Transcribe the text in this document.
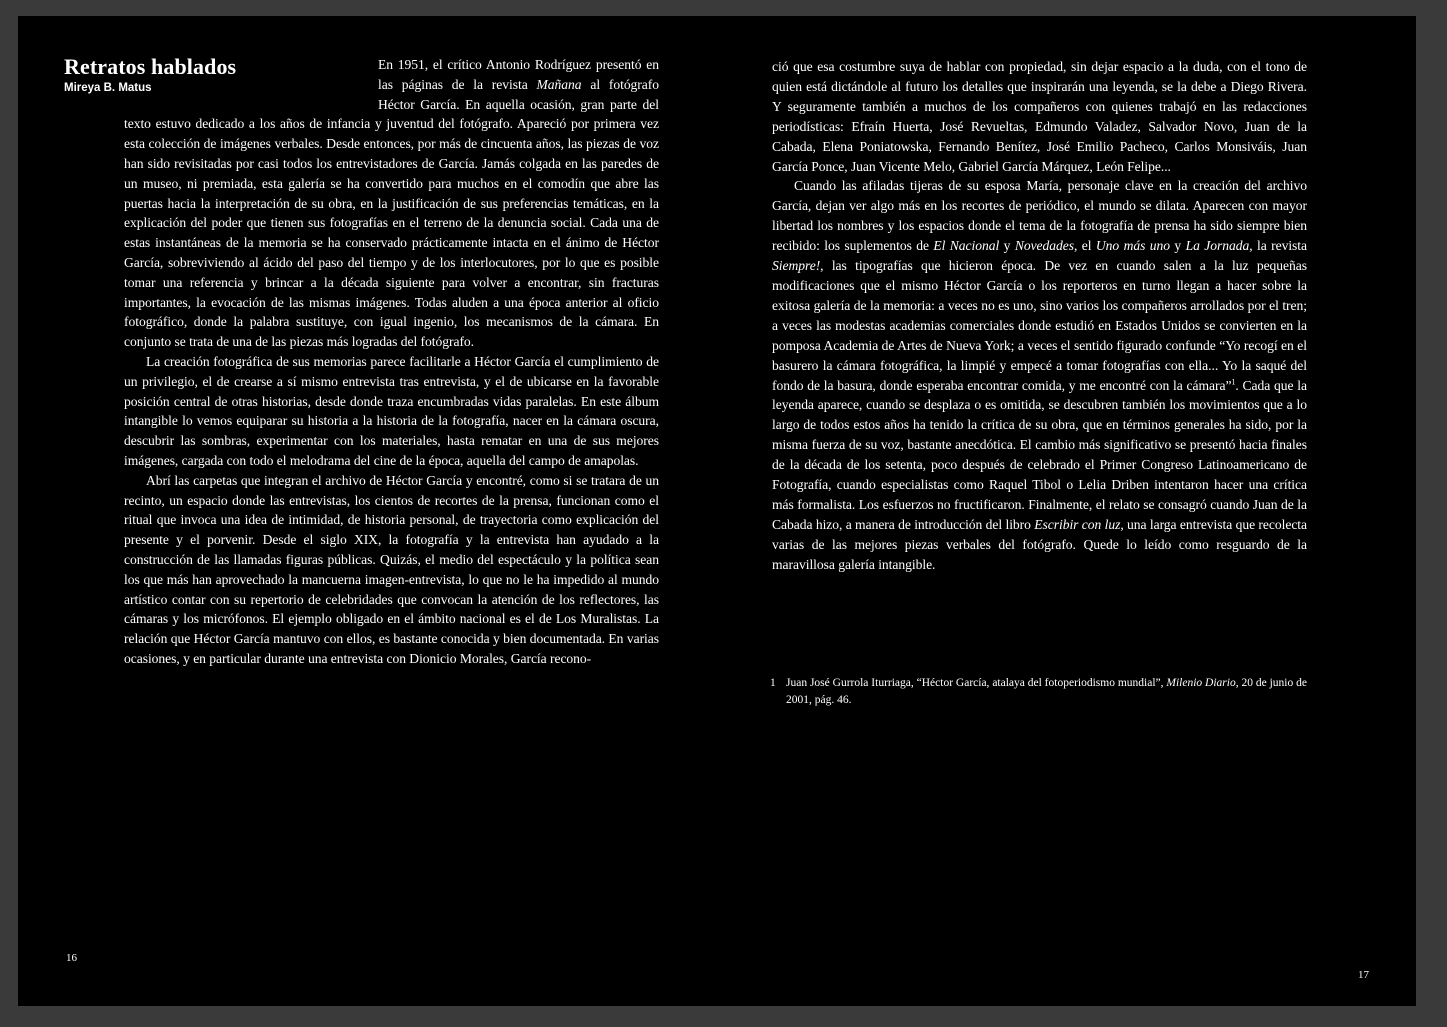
Retratos hablados
Mireya B. Matus

En 1951, el crítico Antonio Rodríguez presentó en las páginas de la revista Mañana al fotógrafo Héctor García. En aquella ocasión, gran parte del texto estuvo dedicado a los años de infancia y juventud del fotógrafo. Apareció por primera vez esta colección de imágenes verbales. Desde entonces, por más de cincuenta años, las piezas de voz han sido revisitadas por casi todos los entrevistadores de García. Jamás colgada en las paredes de un museo, ni premiada, esta galería se ha convertido para muchos en el comodín que abre las puertas hacia la interpretación de su obra, en la justificación de sus preferencias temáticas, en la explicación del poder que tienen sus fotografías en el terreno de la denuncia social. Cada una de estas instantáneas de la memoria se ha conservado prácticamente intacta en el ánimo de Héctor García, sobreviviendo al ácido del paso del tiempo y de los interlocutores, por lo que es posible tomar una referencia y brincar a la década siguiente para volver a encontrar, sin fracturas importantes, la evocación de las mismas imágenes. Todas aluden a una época anterior al oficio fotográfico, donde la palabra sustituye, con igual ingenio, los mecanismos de la cámara. En conjunto se trata de una de las piezas más logradas del fotógrafo.

La creación fotográfica de sus memorias parece facilitarle a Héctor García el cumplimiento de un privilegio, el de crearse a sí mismo entrevista tras entrevista, y el de ubicarse en la favorable posición central de otras historias, desde donde traza encumbradas vidas paralelas. En este álbum intangible lo vemos equiparar su historia a la historia de la fotografía, nacer en la cámara oscura, descubrir las sombras, experimentar con los materiales, hasta rematar en una de sus mejores imágenes, cargada con todo el melodrama del cine de la época, aquella del campo de amapolas.

Abrí las carpetas que integran el archivo de Héctor García y encontré, como si se tratara de un recinto, un espacio donde las entrevistas, los cientos de recortes de la prensa, funcionan como el ritual que invoca una idea de intimidad, de historia personal, de trayectoria como explicación del presente y el porvenir. Desde el siglo XIX, la fotografía y la entrevista han ayudado a la construcción de las llamadas figuras públicas. Quizás, el medio del espectáculo y la política sean los que más han aprovechado la mancuerna imagen-entrevista, lo que no le ha impedido al mundo artístico contar con su repertorio de celebridades que convocan la atención de los reflectores, las cámaras y los micrófonos. El ejemplo obligado en el ámbito nacional es el de Los Muralistas. La relación que Héctor García mantuvo con ellos, es bastante conocida y bien documentada. En varias ocasiones, y en particular durante una entrevista con Dionicio Morales, García recono-

16

ció que esa costumbre suya de hablar con propiedad, sin dejar espacio a la duda, con el tono de quien está dictándole al futuro los detalles que inspirarán una leyenda, se la debe a Diego Rivera. Y seguramente también a muchos de los compañeros con quienes trabajó en las redacciones periodísticas: Efraín Huerta, José Revueltas, Edmundo Valadez, Salvador Novo, Juan de la Cabada, Elena Poniatowska, Fernando Benítez, José Emilio Pacheco, Carlos Monsiváis, Juan García Ponce, Juan Vicente Melo, Gabriel García Márquez, León Felipe...

Cuando las afiladas tijeras de su esposa María, personaje clave en la creación del archivo García, dejan ver algo más en los recortes de periódico, el mundo se dilata. Aparecen con mayor libertad los nombres y los espacios donde el tema de la fotografía de prensa ha sido siempre bien recibido: los suplementos de El Nacional y Novedades, el Uno más uno y La Jornada, la revista Siempre!, las tipografías que hicieron época. De vez en cuando salen a la luz pequeñas modificaciones que el mismo Héctor García o los reporteros en turno llegan a hacer sobre la exitosa galería de la memoria: a veces no es uno, sino varios los compañeros arrollados por el tren; a veces las modestas academias comerciales donde estudió en Estados Unidos se convierten en la pomposa Academia de Artes de Nueva York; a veces el sentido figurado confunde “Yo recogí en el basurero la cámara fotográfica, la limpié y empecé a tomar fotografías con ella... Yo la saqué del fondo de la basura, donde esperaba encontrar comida, y me encontré con la cámara”$^1$. Cada que la leyenda aparece, cuando se desplaza o es omitida, se descubren también los movimientos que a lo largo de todos estos años ha tenido la crítica de su obra, que en términos generales ha sido, por la misma fuerza de su voz, bastante anecdótica. El cambio más significativo se presentó hacia finales de la década de los setenta, poco después de celebrado el Primer Congreso Latinoamericano de Fotografía, cuando especialistas como Raquel Tibol o Lelia Driben intentaron hacer una crítica más formalista. Los esfuerzos no fructificaron. Finalmente, el relato se consagró cuando Juan de la Cabada hizo, a manera de introducción del libro Escribir con luz, una larga entrevista que recolecta varias de las mejores piezas verbales del fotógrafo. Quede lo leído como resguardo de la maravillosa galería intangible.

1 Juan José Gurrola Iturriaga, “Héctor García, atalaya del fotoperiodismo mundial”, Milenio Diario, 20 de junio de 2001, pág. 46.
17
